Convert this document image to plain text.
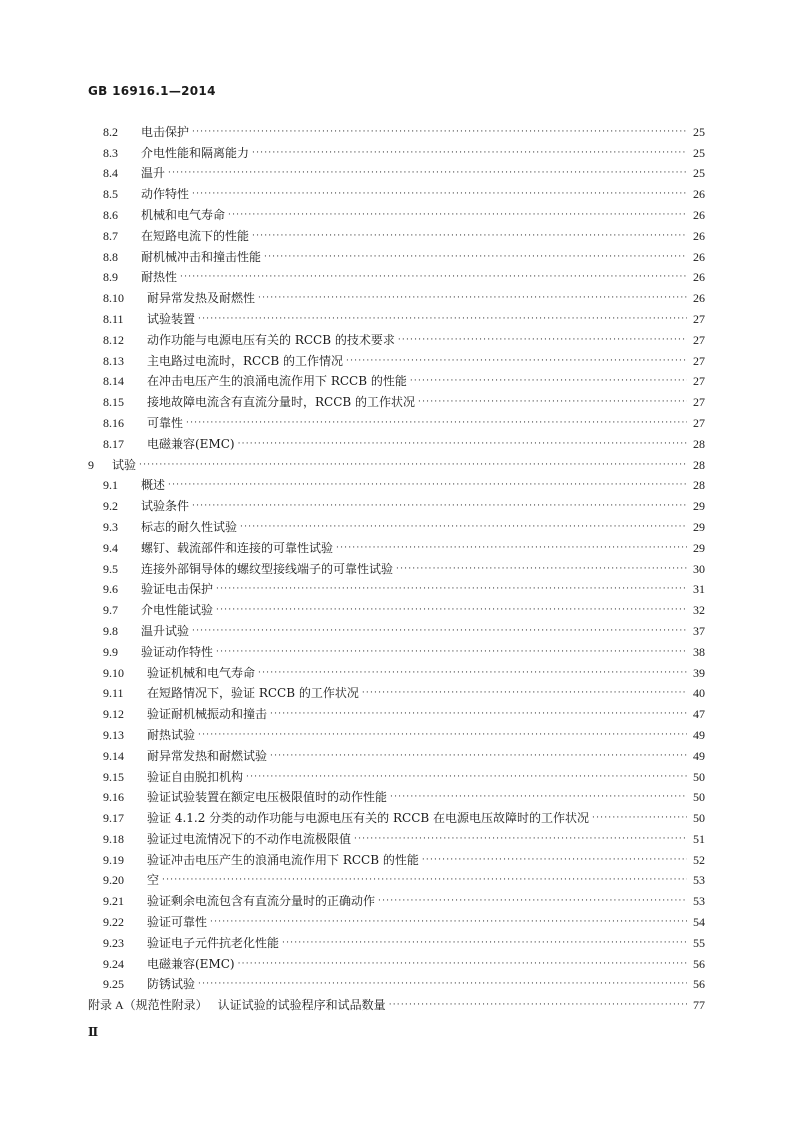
GB 16916.1—2014
8.2	电击保护 ·····	25
8.3	介电性能和隔离能力 ·····	25
8.4	温升 ·····	25
8.5	动作特性 ·····	26
8.6	机械和电气寿命 ·····	26
8.7	在短路电流下的性能 ·····	26
8.8	耐机械冲击和撞击性能 ·····	26
8.9	耐热性 ·····	26
8.10	耐异常发热及耐燃性 ·····	26
8.11	试验装置 ·····	27
8.12	动作功能与电源电压有关的 RCCB 的技术要求 ·····	27
8.13	主电路过电流时，RCCB 的工作情况 ·····	27
8.14	在冲击电压产生的浪涌电流作用下 RCCB 的性能 ·····	27
8.15	接地故障电流含有直流分量时，RCCB 的工作状况 ·····	27
8.16	可靠性 ·····	27
8.17	电磁兼容(EMC) ·····	28
9	试验 ·····	28
9.1	概述 ·····	28
9.2	试验条件 ·····	29
9.3	标志的耐久性试验 ·····	29
9.4	螺钉、载流部件和连接的可靠性试验 ·····	29
9.5	连接外部铜导体的螺纹型接线端子的可靠性试验 ·····	30
9.6	验证电击保护 ·····	31
9.7	介电性能试验 ·····	32
9.8	温升试验 ·····	37
9.9	验证动作特性 ·····	38
9.10	验证机械和电气寿命 ·····	39
9.11	在短路情况下，验证 RCCB 的工作状况 ·····	40
9.12	验证耐机械振动和撞击 ·····	47
9.13	耐热试验 ·····	49
9.14	耐异常发热和耐燃试验 ·····	49
9.15	验证自由脱扣机构 ·····	50
9.16	验证试验装置在额定电压极限值时的动作性能 ·····	50
9.17	验证 4.1.2 分类的动作功能与电源电压有关的 RCCB 在电源电压故障时的工作状况 ·····	50
9.18	验证过电流情况下的不动作电流极限值 ·····	51
9.19	验证冲击电压产生的浪涌电流作用下 RCCB 的性能 ·····	52
9.20	空 ·····	53
9.21	验证剩余电流包含有直流分量时的正确动作 ·····	53
9.22	验证可靠性 ·····	54
9.23	验证电子元件抗老化性能 ·····	55
9.24	电磁兼容(EMC) ·····	56
9.25	防锈试验 ·····	56
附录 A（规范性附录） 认证试验的试验程序和试品数量 ·····	77
Ⅱ
